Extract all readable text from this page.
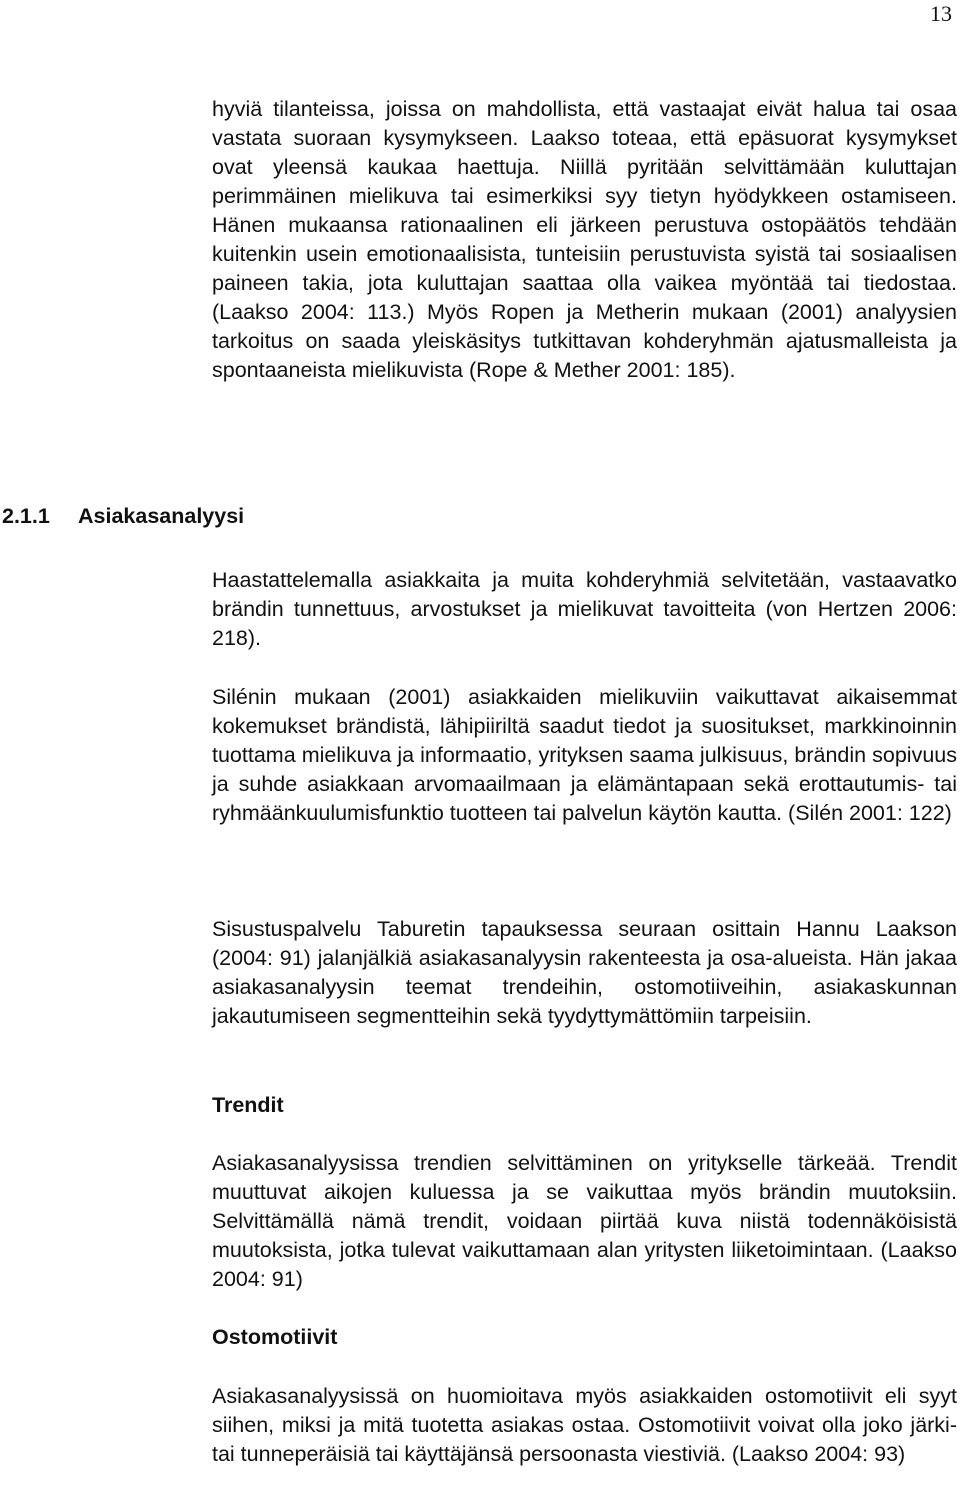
13

hyviä tilanteissa, joissa on mahdollista, että vastaajat eivät halua tai osaa vastata suoraan kysymykseen. Laakso toteaa, että epäsuorat kysymykset ovat yleensä kaukaa haettuja. Niillä pyritään selvittämään kuluttajan perimmäinen mielikuva tai esimerkiksi syy tietyn hyödykkeen ostamiseen. Hänen mukaansa rationaalinen eli järkeen perustuva ostopäätös tehdään kuitenkin usein emotionaalisista, tunteisiin perustuvista syistä tai sosiaalisen paineen takia, jota kuluttajan saattaa olla vaikea myöntää tai tiedostaa. (Laakso 2004: 113.) Myös Ropen ja Metherin mukaan (2001) analyysien tarkoitus on saada yleiskäsitys tutkittavan kohderyhmän ajatusmalleista ja spontaaneista mielikuvista (Rope & Mether 2001: 185).

2.1.1 Asiakasanalyysi

Haastattelemalla asiakkaita ja muita kohderyhmiä selvitetään, vastaavatko brändin tunnettuus, arvostukset ja mielikuvat tavoitteita (von Hertzen 2006: 218).

Silénin mukaan (2001) asiakkaiden mielikuviin vaikuttavat aikaisemmat kokemukset brändistä, lähipiiriltä saadut tiedot ja suositukset, markkinoinnin tuottama mielikuva ja informaatio, yrityksen saama julkisuus, brändin sopivuus ja suhde asiakkaan arvomaailmaan ja elämäntapaan sekä erottautumis- tai ryhmäänkuulumisfunktio tuotteen tai palvelun käytön kautta. (Silén 2001: 122)

Sisustuspalvelu Taburetin tapauksessa seuraan osittain Hannu Laakson (2004: 91) jalanjälkiä asiakasanalyysin rakenteesta ja osa-alueista. Hän jakaa asiakasanalyysin teemat trendeihin, ostomotiiveihin, asiakaskunnan jakautumiseen segmentteihin sekä tyydyttymättömiin tarpeisiin.

Trendit

Asiakasanalyysissa trendien selvittäminen on yritykselle tärkeää. Trendit muuttuvat aikojen kuluessa ja se vaikuttaa myös brändin muutoksiin. Selvittämällä nämä trendit, voidaan piirtää kuva niistä todennäköisistä muutoksista, jotka tulevat vaikuttamaan alan yritysten liiketoimintaan. (Laakso 2004: 91)

Ostomotiivit

Asiakasanalyysissä on huomioitava myös asiakkaiden ostomotiivit eli syyt siihen, miksi ja mitä tuotetta asiakas ostaa. Ostomotiivit voivat olla joko järki- tai tunneperäisiä tai käyttäjänsä persoonasta viestiviä. (Laakso 2004: 93)
